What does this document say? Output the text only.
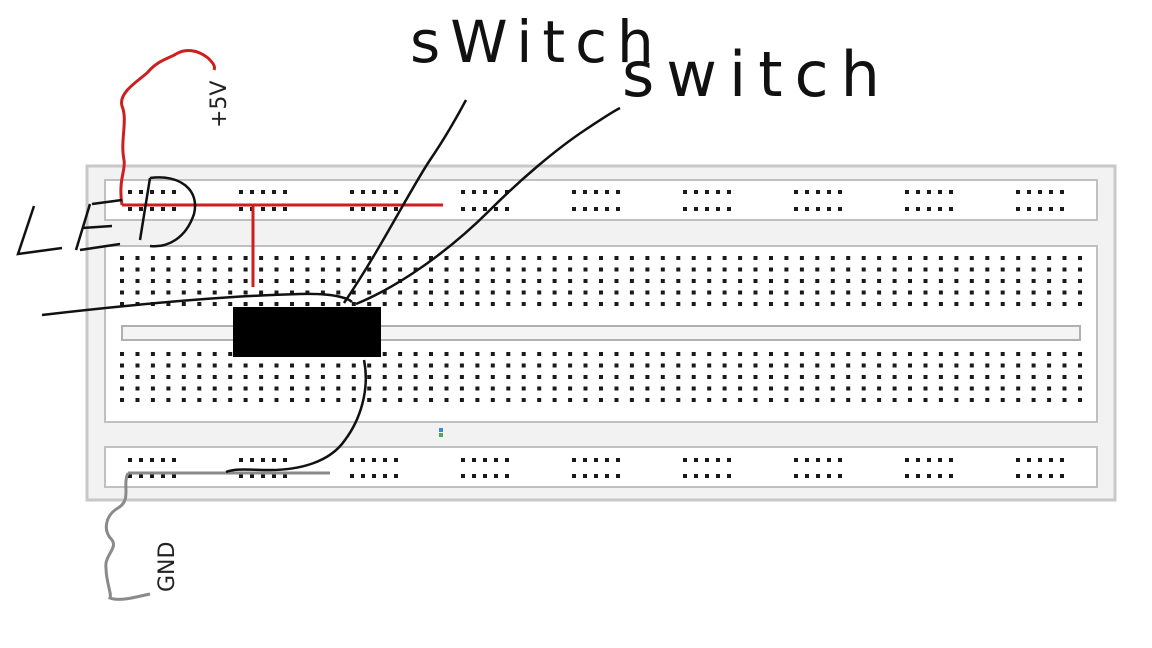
sWitch
switch
+5V
GND
